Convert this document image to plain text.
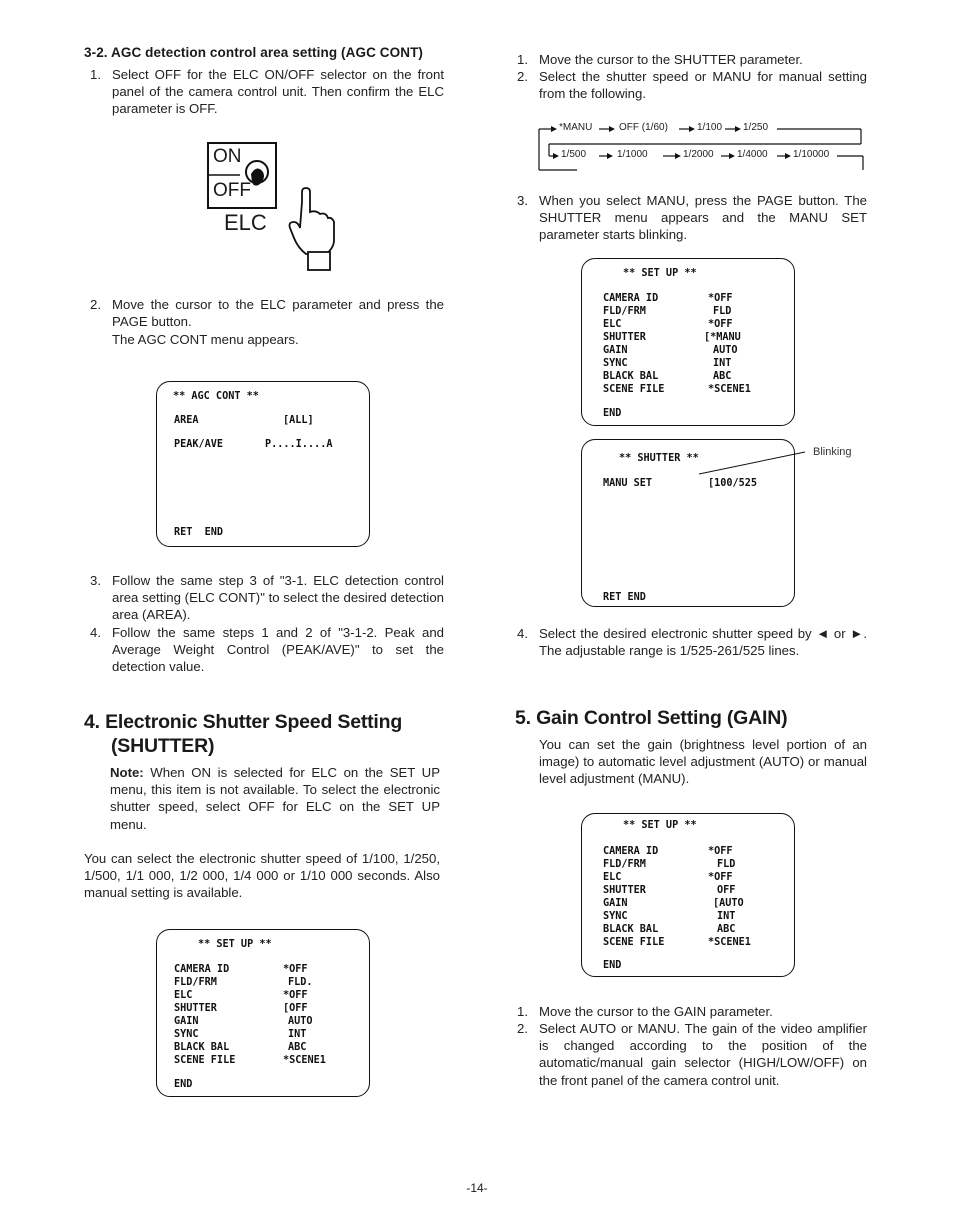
3-2. AGC detection control area setting (AGC CONT)
1. Select OFF for the ELC ON/OFF selector on the front panel of the camera control unit. Then confirm the ELC parameter is OFF.
ON
OFF
ELC
2. Move the cursor to the ELC parameter and press the PAGE button.
The AGC CONT menu appears.
** AGC CONT **
AREA	[ALL]
PEAK/AVE	P....I....A
RET  END
3. Follow the same step 3 of "3-1. ELC detection control area setting (ELC CONT)" to select the desired detection area (AREA).
4. Follow the same steps 1 and 2 of "3-1-2. Peak and Average Weight Control (PEAK/AVE)" to set the detection value.
4. Electronic Shutter Speed Setting
(SHUTTER)
Note: When ON is selected for ELC on the SET UP menu, this item is not available. To select the electronic shutter speed, select OFF for ELC on the SET UP menu.
You can select the electronic shutter speed of 1/100, 1/250, 1/500, 1/1 000, 1/2 000, 1/4 000 or 1/10 000 seconds. Also manual setting is available.
** SET UP **
CAMERA ID	*OFF
FLD/FRM	FLD.
ELC	*OFF
SHUTTER	[OFF
GAIN	AUTO
SYNC	INT
BLACK BAL	ABC
SCENE FILE	*SCENE1
END
1. Move the cursor to the SHUTTER parameter.
2. Select the shutter speed or MANU for manual setting from the following.
*MANU	OFF (1/60)	1/100 1/250
1/500	1/1000	1/2000 1/4000	1/10000
3. When you select MANU, press the PAGE button. The SHUTTER menu appears and the MANU SET parameter starts blinking.
** SET UP **
CAMERA ID	*OFF
FLD/FRM	FLD
ELC	*OFF
SHUTTER	[*MANU
GAIN	AUTO
SYNC	INT
BLACK BAL	ABC
SCENE FILE	*SCENE1
END
** SHUTTER **
MANU SET	[100/525
RET END
Blinking
4. Select the desired electronic shutter speed by ◄ or ►. The adjustable range is 1/525-261/525 lines.
5. Gain Control Setting (GAIN)
You can set the gain (brightness level portion of an image) to automatic level adjustment (AUTO) or manual level adjustment (MANU).
** SET UP **
CAMERA ID	*OFF
FLD/FRM	FLD
ELC	*OFF
SHUTTER	OFF
GAIN	[AUTO
SYNC	INT
BLACK BAL	ABC
SCENE FILE	*SCENE1
END
1. Move the cursor to the GAIN parameter.
2. Select AUTO or MANU. The gain of the video amplifier is changed according to the position of the automatic/manual gain selector (HIGH/LOW/OFF) on the front panel of the camera control unit.
-14-
